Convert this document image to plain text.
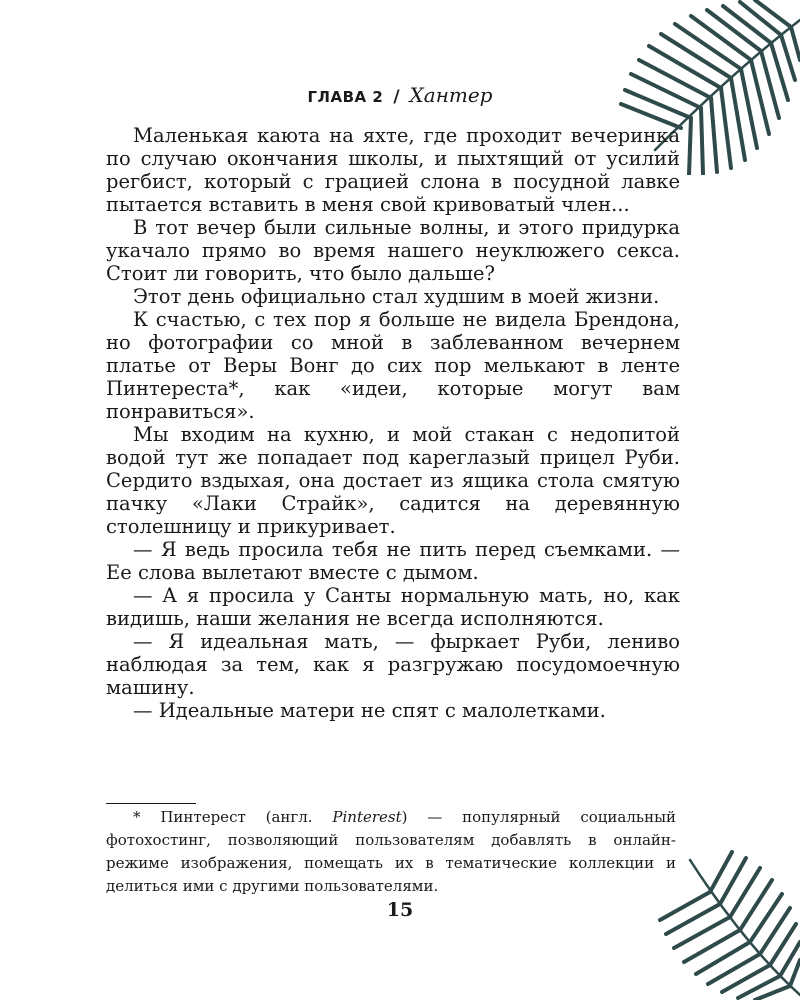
ГЛАВА 2 / Хантер

Маленькая каюта на яхте, где проходит вечеринка по случаю окончания школы, и пыхтящий от усилий регбист, который с грацией слона в посудной лавке пытается вставить в меня свой кривоватый член...

В тот вечер были сильные волны, и этого придурка укачало прямо во время нашего неуклюжего секса. Стоит ли говорить, что было дальше?

Этот день официально стал худшим в моей жизни.

К счастью, с тех пор я больше не видела Брендона, но фотографии со мной в заблеванном вечернем платье от Веры Вонг до сих пор мелькают в ленте Пинтереста*, как «идеи, которые могут вам понравиться».

Мы входим на кухню, и мой стакан с недопитой водой тут же попадает под кареглазый прицел Руби. Сердито вздыхая, она достает из ящика стола смятую пачку «Лаки Страйк», садится на деревянную столешницу и прикуривает.

— Я ведь просила тебя не пить перед съемками. — Ее слова вылетают вместе с дымом.

— А я просила у Санты нормальную мать, но, как видишь, наши желания не всегда исполняются.

— Я идеальная мать, — фыркает Руби, лениво наблюдая за тем, как я разгружаю посудомоечную машину.

— Идеальные матери не спят с малолетками.

* Пинтерест (англ. Pinterest) — популярный социальный фотохостинг, позволяющий пользователям добавлять в онлайн-режиме изображения, помещать их в тематические коллекции и делиться ими с другими пользователями.

15
